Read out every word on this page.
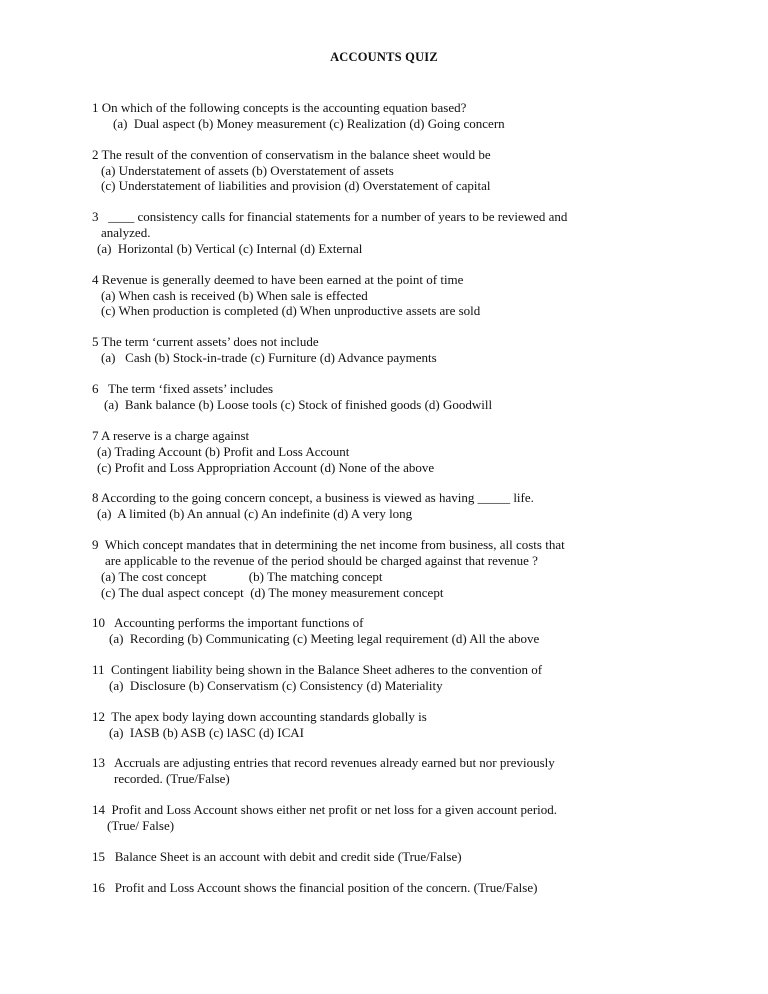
ACCOUNTS QUIZ
1 On which of the following concepts is the accounting equation based?
(a)  Dual aspect (b) Money measurement (c) Realization (d) Going concern
2 The result of the convention of conservatism in the balance sheet would be
(a) Understatement of assets (b) Overstatement of assets
(c) Understatement of liabilities and provision (d) Overstatement of capital
3   ____ consistency calls for financial statements for a number of years to be reviewed and
analyzed.
(a)  Horizontal (b) Vertical (c) Internal (d) External
4 Revenue is generally deemed to have been earned at the point of time
(a) When cash is received (b) When sale is effected
(c) When production is completed (d) When unproductive assets are sold
5 The term ‘current assets’ does not include
(a)   Cash (b) Stock-in-trade (c) Furniture (d) Advance payments
6   The term ‘fixed assets’ includes
(a)  Bank balance (b) Loose tools (c) Stock of finished goods (d) Goodwill
7 A reserve is a charge against
(a) Trading Account (b) Profit and Loss Account
(c) Profit and Loss Appropriation Account (d) None of the above
8 According to the going concern concept, a business is viewed as having _____ life.
(a)  A limited (b) An annual (c) An indefinite (d) A very long
9  Which concept mandates that in determining the net income from business, all costs that
are applicable to the revenue of the period should be charged against that revenue ?
(a) The cost concept             (b) The matching concept
(c) The dual aspect concept  (d) The money measurement concept
10   Accounting performs the important functions of
(a)  Recording (b) Communicating (c) Meeting legal requirement (d) All the above
11  Contingent liability being shown in the Balance Sheet adheres to the convention of
(a)  Disclosure (b) Conservatism (c) Consistency (d) Materiality
12  The apex body laying down accounting standards globally is
(a)  IASB (b) ASB (c) lASC (d) ICAI
13   Accruals are adjusting entries that record revenues already earned but nor previously
recorded. (True/False)
14  Profit and Loss Account shows either net profit or net loss for a given account period.
(True/ False)
15   Balance Sheet is an account with debit and credit side (True/False)
16   Profit and Loss Account shows the financial position of the concern. (True/False)
